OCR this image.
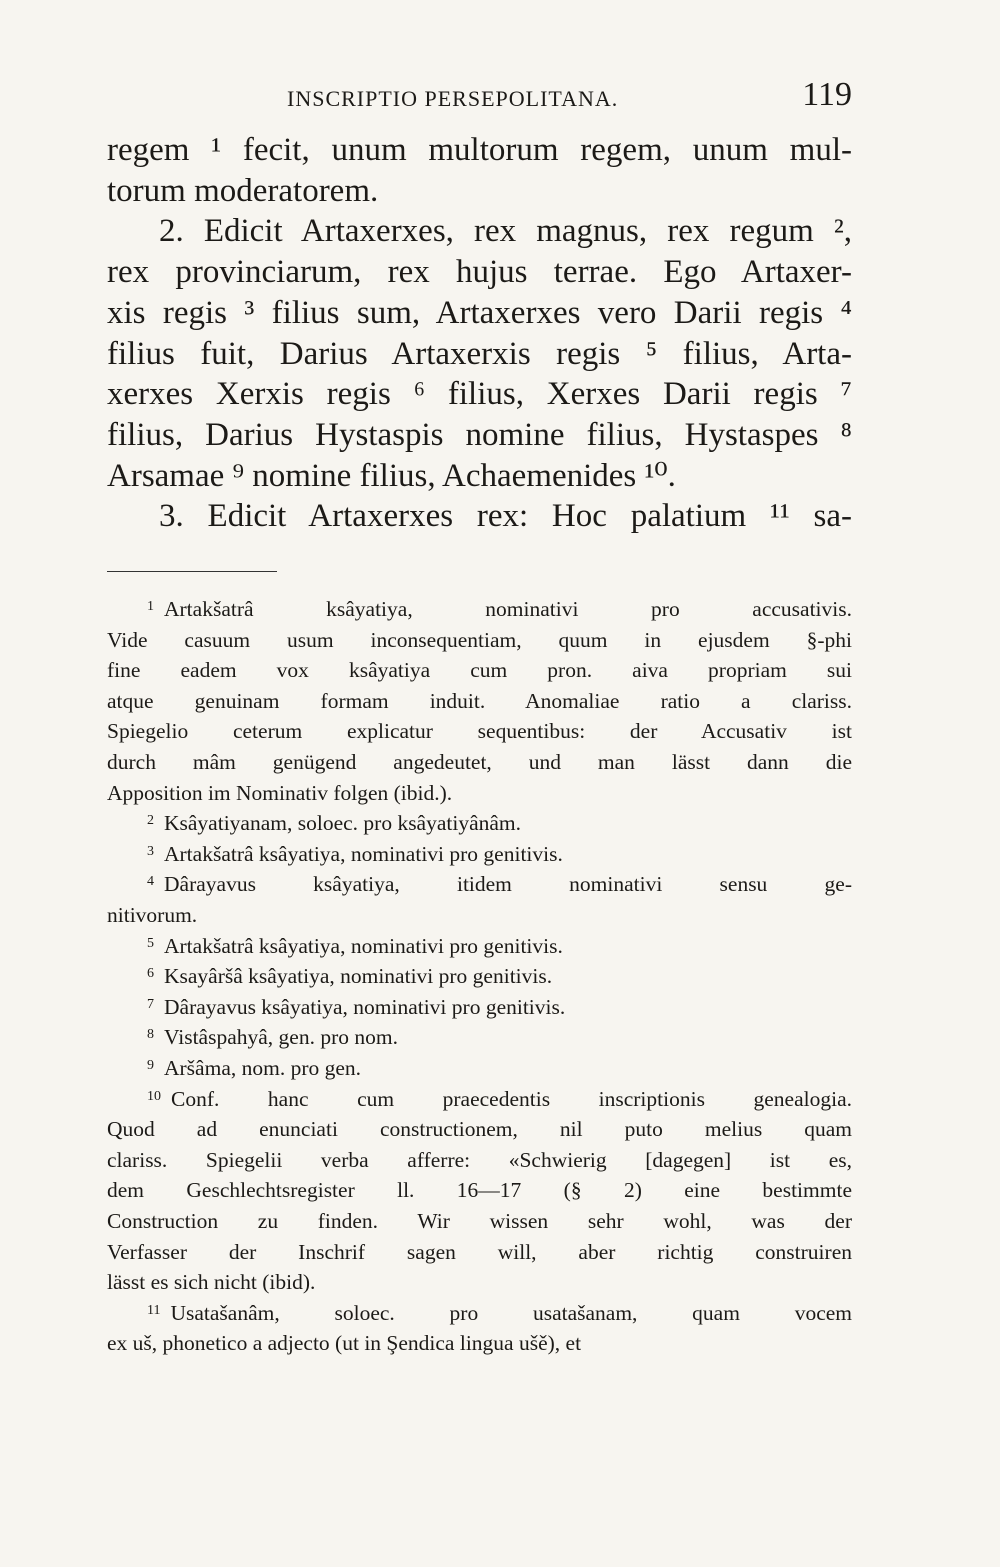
INSCRIPTIO PERSEPOLITANA.	119
regem ¹ fecit, unum multorum regem, unum mul-
torum moderatorem.
2. Edicit Artaxerxes, rex magnus, rex regum ²,
rex provinciarum, rex hujus terrae. Ego Artaxer-
xis regis ³ filius sum, Artaxerxes vero Darii regis ⁴
filius fuit, Darius Artaxerxis regis ⁵ filius, Arta-
xerxes Xerxis regis ⁶ filius, Xerxes Darii regis ⁷
filius, Darius Hystaspis nomine filius, Hystaspes ⁸
Arsamae ⁹ nomine filius, Achaemenides ¹⁰.
3. Edicit Artaxerxes rex: Hoc palatium ¹¹ sa-
$^1$ Artakšatrâ ksâyatiya, nominativi pro accusativis.
Vide casuum usum inconsequentiam, quum in ejusdem §-phi
fine eadem vox ksâyatiya cum pron. aiva propriam sui
atque genuinam formam induit. Anomaliae ratio a clariss.
Spiegelio ceterum explicatur sequentibus: der Accusativ ist
durch mâm genügend angedeutet, und man lässt dann die
Apposition im Nominativ folgen (ibid.).
$^2$ Ksâyatiyanam, soloec. pro ksâyatiyânâm.
$^3$ Artakšatrâ ksâyatiya, nominativi pro genitivis.
$^4$ Dârayavus ksâyatiya, itidem nominativi sensu ge-
nitivorum.
$^5$ Artakšatrâ ksâyatiya, nominativi pro genitivis.
$^6$ Ksayâršâ ksâyatiya, nominativi pro genitivis.
$^7$ Dârayavus ksâyatiya, nominativi pro genitivis.
$^8$ Vistâspahyâ, gen. pro nom.
$^9$ Aršâma, nom. pro gen.
$^{10}$ Conf. hanc cum praecedentis inscriptionis genealogia.
Quod ad enunciati constructionem, nil puto melius quam
clariss. Spiegelii verba afferre: «Schwierig [dagegen] ist es,
dem Geschlechtsregister ll. 16—17 (§ 2) eine bestimmte
Construction zu finden. Wir wissen sehr wohl, was der
Verfasser der Inschrif sagen will, aber richtig construiren
lässt es sich nicht (ibid).
$^{11}$ Usatašanâm, soloec. pro usatašanam, quam vocem
ex uš, phonetico a adjecto (ut in Şendica lingua ušě), et
